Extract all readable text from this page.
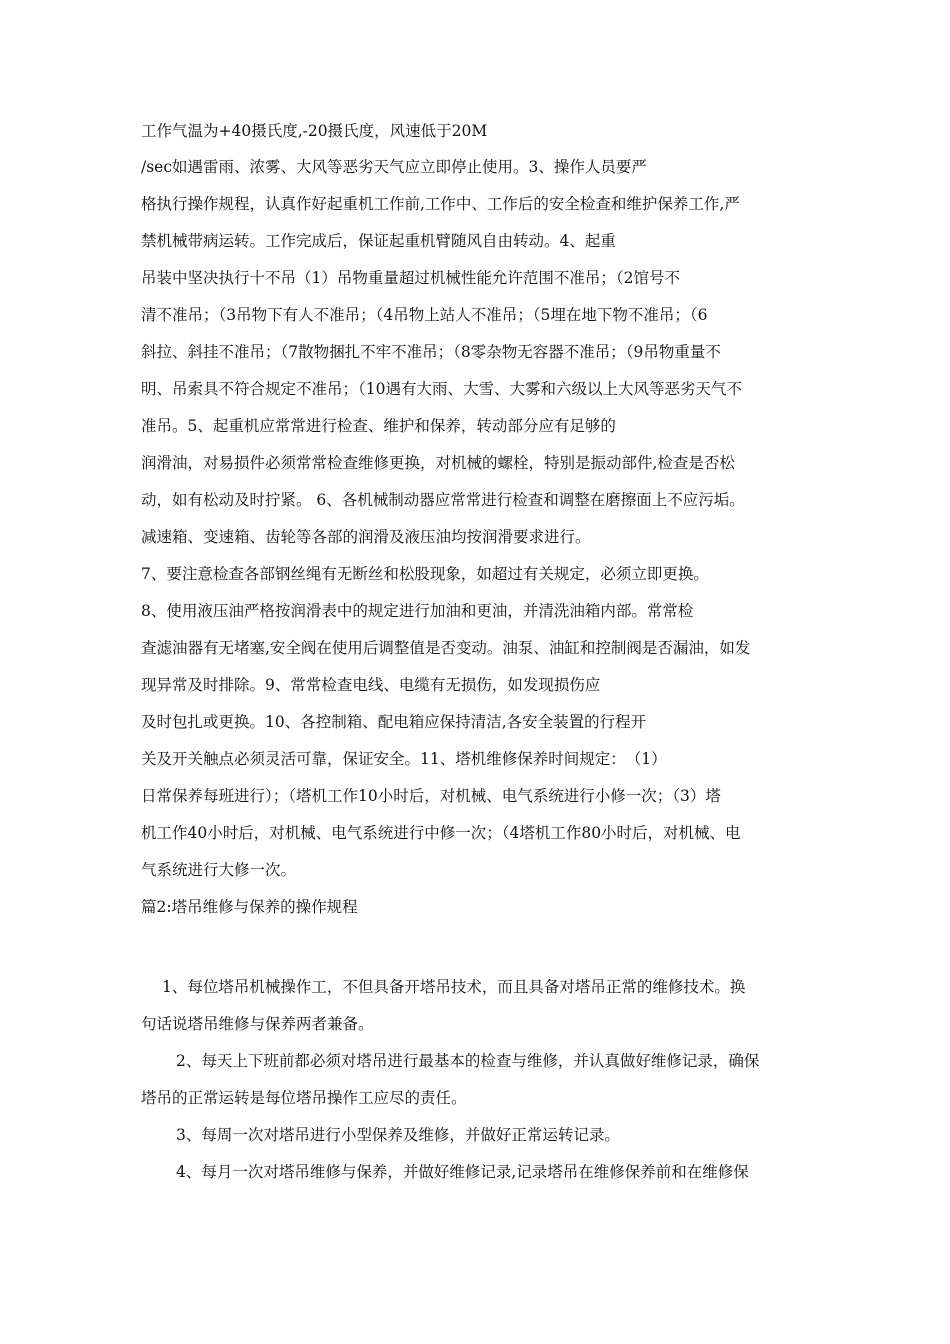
工作气温为+40摄氏度,-20摄氏度，风速低于20M
/sec如遇雷雨、浓雾、大风等恶劣天气应立即停止使用。3、操作人员要严
格执行操作规程，认真作好起重机工作前,工作中、工作后的安全检查和维护保养工作,严
禁机械带病运转。工作完成后，保证起重机臂随风自由转动。4、起重
吊装中坚决执行十不吊（1）吊物重量超过机械性能允许范围不准吊；（2馆号不
清不准吊；（3吊物下有人不准吊；（4吊物上站人不准吊；（5埋在地下物不准吊；（6
斜拉、斜挂不准吊；（7散物捆扎不牢不准吊；（8零杂物无容器不准吊；（9吊物重量不
明、吊索具不符合规定不准吊；（10遇有大雨、大雪、大雾和六级以上大风等恶劣天气不
准吊。5、起重机应常常进行检查、维护和保养，转动部分应有足够的
润滑油，对易损件必须常常检查维修更换，对机械的螺栓，特别是振动部件,检查是否松
动，如有松动及时拧紧。 6、各机械制动器应常常进行检查和调整在磨擦面上不应污垢。
减速箱、变速箱、齿轮等各部的润滑及液压油均按润滑要求进行。
7、要注意检查各部钢丝绳有无断丝和松股现象，如超过有关规定，必须立即更换。
8、使用液压油严格按润滑表中的规定进行加油和更油，并清洗油箱内部。常常检
查滤油器有无堵塞,安全阀在使用后调整值是否变动。油泵、油缸和控制阀是否漏油，如发
现异常及时排除。9、常常检查电线、电缆有无损伤，如发现损伤应
及时包扎或更换。10、各控制箱、配电箱应保持清洁,各安全装置的行程开
关及开关触点必须灵活可靠，保证安全。11、塔机维修保养时间规定：　（1）
日常保养每班进行）；（塔机工作10小时后，对机械、电气系统进行小修一次；（3）塔
机工作40小时后，对机械、电气系统进行中修一次；（4塔机工作80小时后，对机械、电
气系统进行大修一次。
篇2:塔吊维修与保养的操作规程
1、每位塔吊机械操作工，不但具备开塔吊技术，而且具备对塔吊正常的维修技术。换
句话说塔吊维修与保养两者兼备。
2、每天上下班前都必须对塔吊进行最基本的检查与维修，并认真做好维修记录，确保
塔吊的正常运转是每位塔吊操作工应尽的责任。
3、每周一次对塔吊进行小型保养及维修，并做好正常运转记录。
4、每月一次对塔吊维修与保养，并做好维修记录,记录塔吊在维修保养前和在维修保
